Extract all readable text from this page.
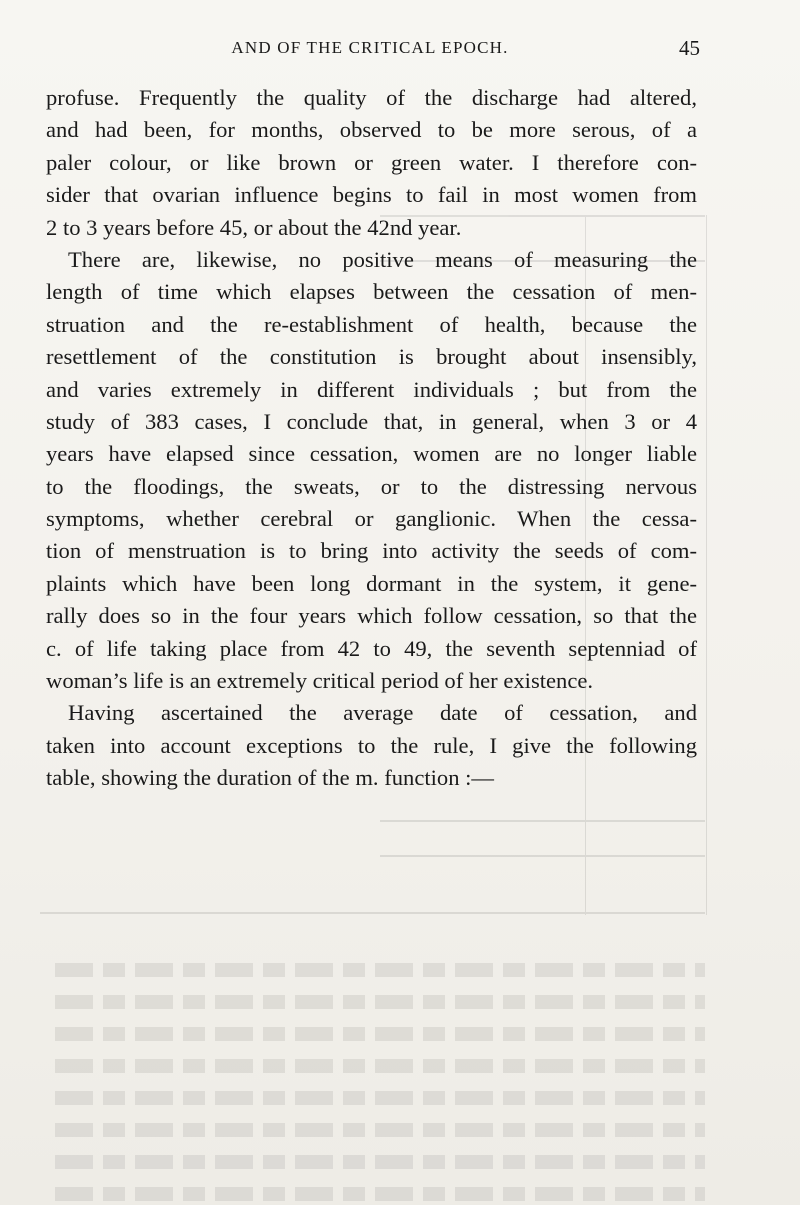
AND OF THE CRITICAL EPOCH.	45
profuse. Frequently the quality of the discharge had altered,
and had been, for months, observed to be more serous, of a
paler colour, or like brown or green water. I therefore con-
sider that ovarian influence begins to fail in most women from
2 to 3 years before 45, or about the 42nd year.
There are, likewise, no positive means of measuring the
length of time which elapses between the cessation of men-
struation and the re-establishment of health, because the
resettlement of the constitution is brought about insensibly,
and varies extremely in different individuals ; but from the
study of 383 cases, I conclude that, in general, when 3 or 4
years have elapsed since cessation, women are no longer liable
to the floodings, the sweats, or to the distressing nervous
symptoms, whether cerebral or ganglionic. When the cessa-
tion of menstruation is to bring into activity the seeds of com-
plaints which have been long dormant in the system, it gene-
rally does so in the four years which follow cessation, so that the
c. of life taking place from 42 to 49, the seventh septenniad of
woman’s life is an extremely critical period of her existence.
Having ascertained the average date of cessation, and
taken into account exceptions to the rule, I give the following
table, showing the duration of the m. function :—
